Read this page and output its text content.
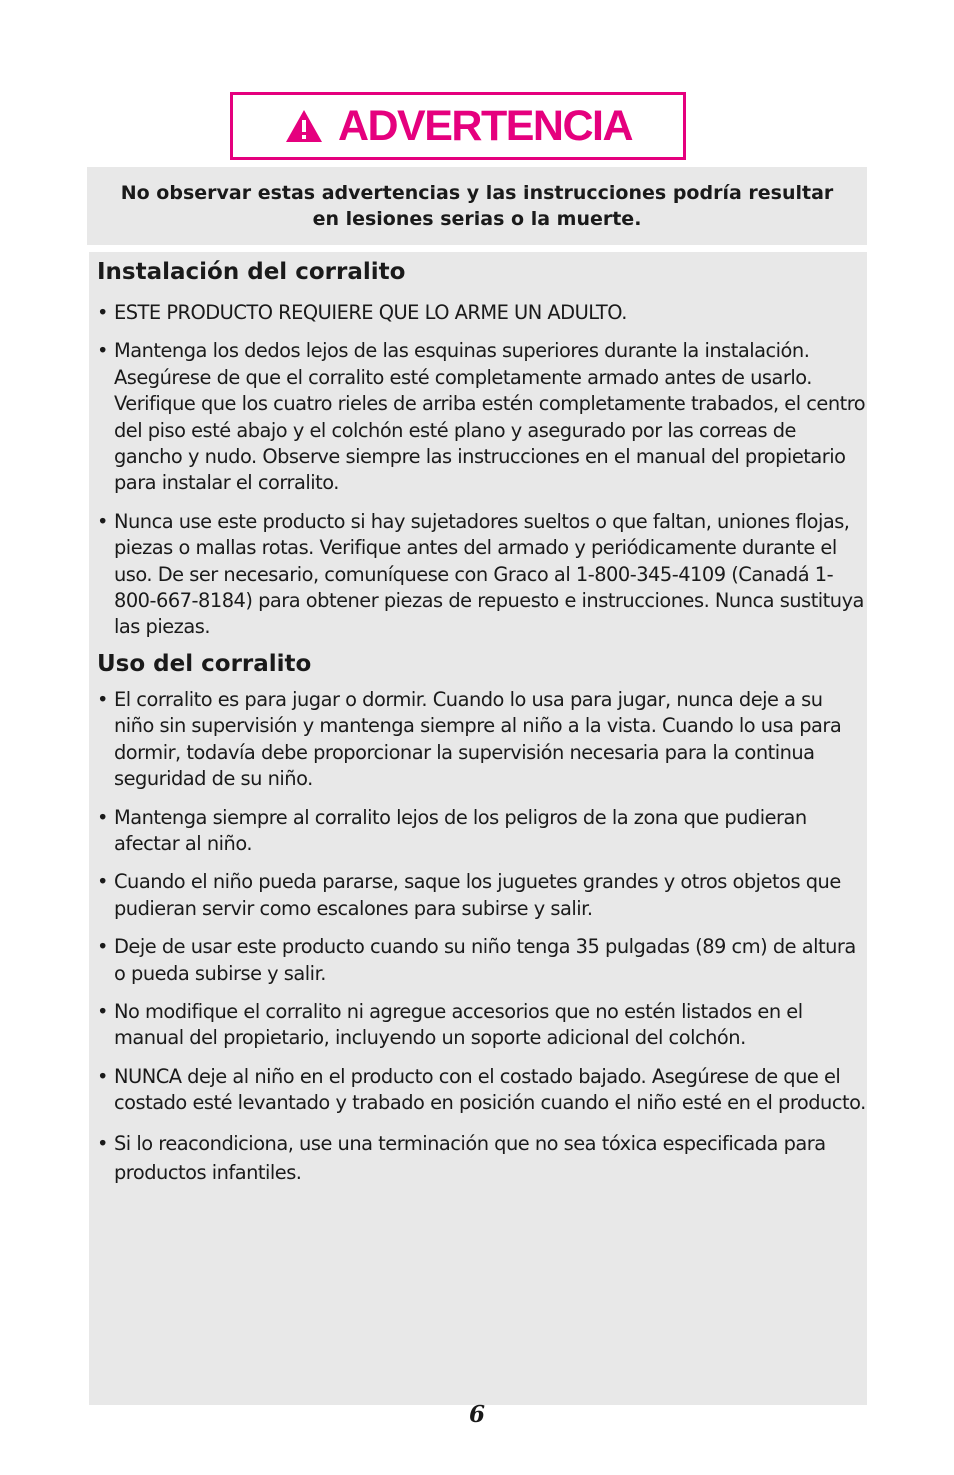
ADVERTENCIA

No observar estas advertencias y las instrucciones podría resultar en lesiones serias o la muerte.

Instalación del corralito
• ESTE PRODUCTO REQUIERE QUE LO ARME UN ADULTO.
• Mantenga los dedos lejos de las esquinas superiores durante la instalación. Asegúrese de que el corralito esté completamente armado antes de usarlo. Verifique que los cuatro rieles de arriba estén completamente trabados, el centro del piso esté abajo y el colchón esté plano y asegurado por las correas de gancho y nudo. Observe siempre las instrucciones en el manual del propietario para instalar el corralito.
• Nunca use este producto si hay sujetadores sueltos o que faltan, uniones flojas, piezas o mallas rotas. Verifique antes del armado y periódicamente durante el uso. De ser necesario, comuníquese con Graco al 1-800-345-4109 (Canadá 1-800-667-8184) para obtener piezas de repuesto e instrucciones. Nunca sustituya las piezas.
Uso del corralito
• El corralito es para jugar o dormir. Cuando lo usa para jugar, nunca deje a su niño sin supervisión y mantenga siempre al niño a la vista. Cuando lo usa para dormir, todavía debe proporcionar la supervisión necesaria para la continua seguridad de su niño.
• Mantenga siempre al corralito lejos de los peligros de la zona que pudieran afectar al niño.
• Cuando el niño pueda pararse, saque los juguetes grandes y otros objetos que pudieran servir como escalones para subirse y salir.
• Deje de usar este producto cuando su niño tenga 35 pulgadas (89 cm) de altura o pueda subirse y salir.
• No modifique el corralito ni agregue accesorios que no estén listados en el manual del propietario, incluyendo un soporte adicional del colchón.
• NUNCA deje al niño en el producto con el costado bajado. Asegúrese de que el costado esté levantado y trabado en posición cuando el niño esté en el producto.
• Si lo reacondiciona, use una terminación que no sea tóxica especificada para productos infantiles.
6
